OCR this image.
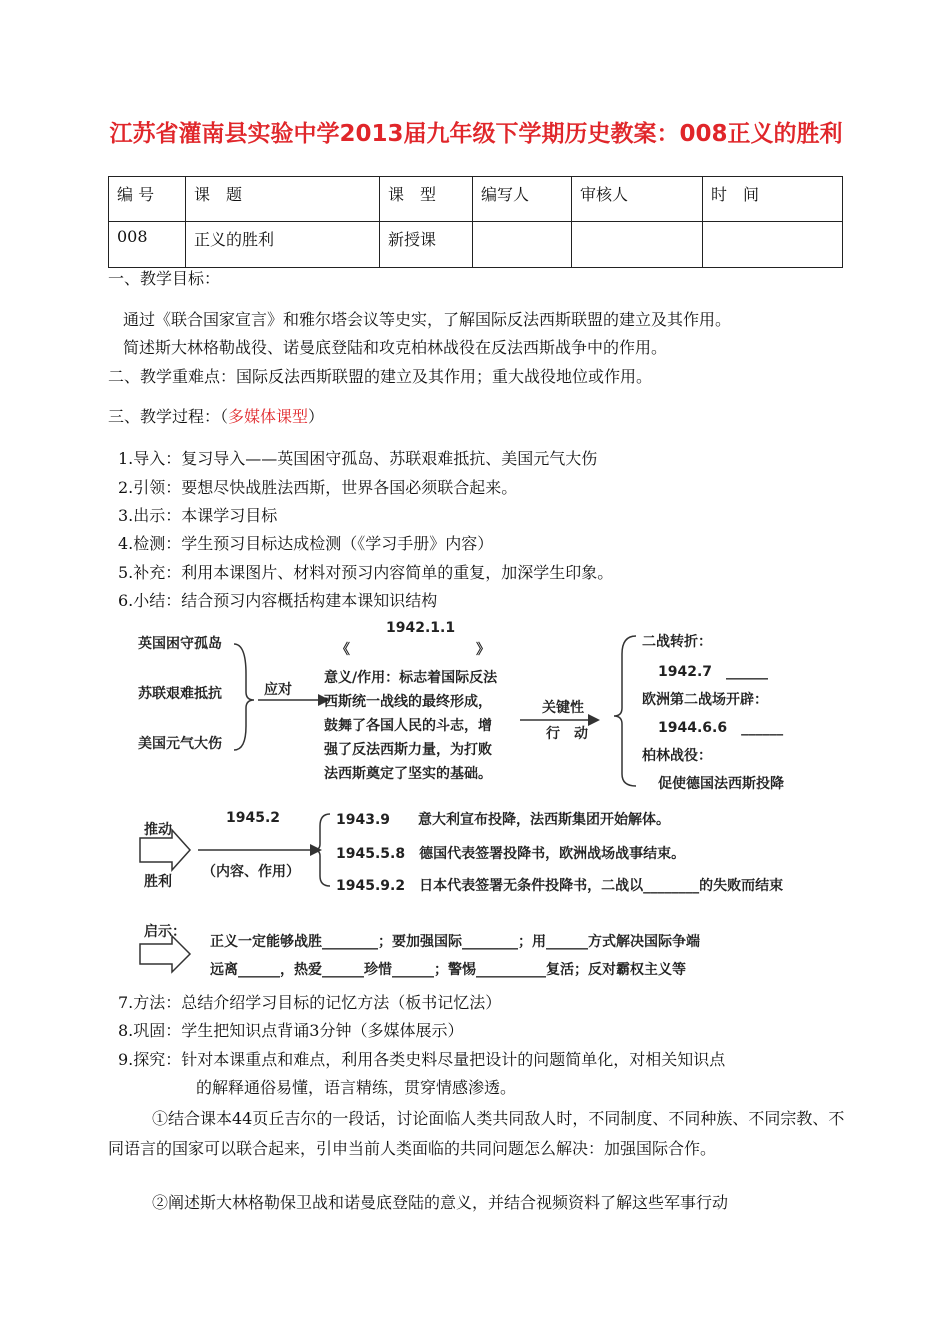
江苏省灌南县实验中学2013届九年级下学期历史教案：008正义的胜利
编 号	课　题	课　型	编写人	审核人	时　间
008	正义的胜利	新授课			
一、教学目标：
通过《联合国家宣言》和雅尔塔会议等史实，了解国际反法西斯联盟的建立及其作用。
简述斯大林格勒战役、诺曼底登陆和攻克柏林战役在反法西斯战争中的作用。
二、教学重难点：国际反法西斯联盟的建立及其作用；重大战役地位或作用。
三、教学过程：（多媒体课型）
1.导入：复习导入——英国困守孤岛、苏联艰难抵抗、美国元气大伤
2.引领：要想尽快战胜法西斯，世界各国必须联合起来。
3.出示：本课学习目标
4.检测：学生预习目标达成检测（《学习手册》内容）
5.补充：利用本课图片、材料对预习内容简单的重复，加深学生印象。
6.小结：结合预习内容概括构建本课知识结构
英国困守孤岛
苏联艰难抵抗
美国元气大伤
应对
1942.1.1
《　　　　　　　　　》
意义/作用：标志着国际反法
西斯统一战线的最终形成，
鼓舞了各国人民的斗志，增
强了反法西斯力量，为打败
法西斯奠定了坚实的基础。
关键性
行　动
二战转折：
1942.7　______
欧洲第二战场开辟：
1944.6.6　______
柏林战役：
促使德国法西斯投降
推动
胜利
1945.2
（内容、作用）
1943.9　　意大利宣布投降，法西斯集团开始解体。
1945.5.8　德国代表签署投降书，欧洲战场战事结束。
1945.9.2　日本代表签署无条件投降书，二战以________的失败而结束
启示：
正义一定能够战胜________；要加强国际________；用______方式解决国际争端
远离______，热爱______珍惜______；警惕__________复活；反对霸权主义等
7.方法：总结介绍学习目标的记忆方法（板书记忆法）
8.巩固：学生把知识点背诵3分钟（多媒体展示）
9.探究：针对本课重点和难点，利用各类史料尽量把设计的问题简单化，对相关知识点
的解释通俗易懂，语言精练，贯穿情感渗透。
①结合课本44页丘吉尔的一段话，讨论面临人类共同敌人时，不同制度、不同种族、不同宗教、不同语言的国家可以联合起来，引申当前人类面临的共同问题怎么解决：加强国际合作。
②阐述斯大林格勒保卫战和诺曼底登陆的意义，并结合视频资料了解这些军事行动
